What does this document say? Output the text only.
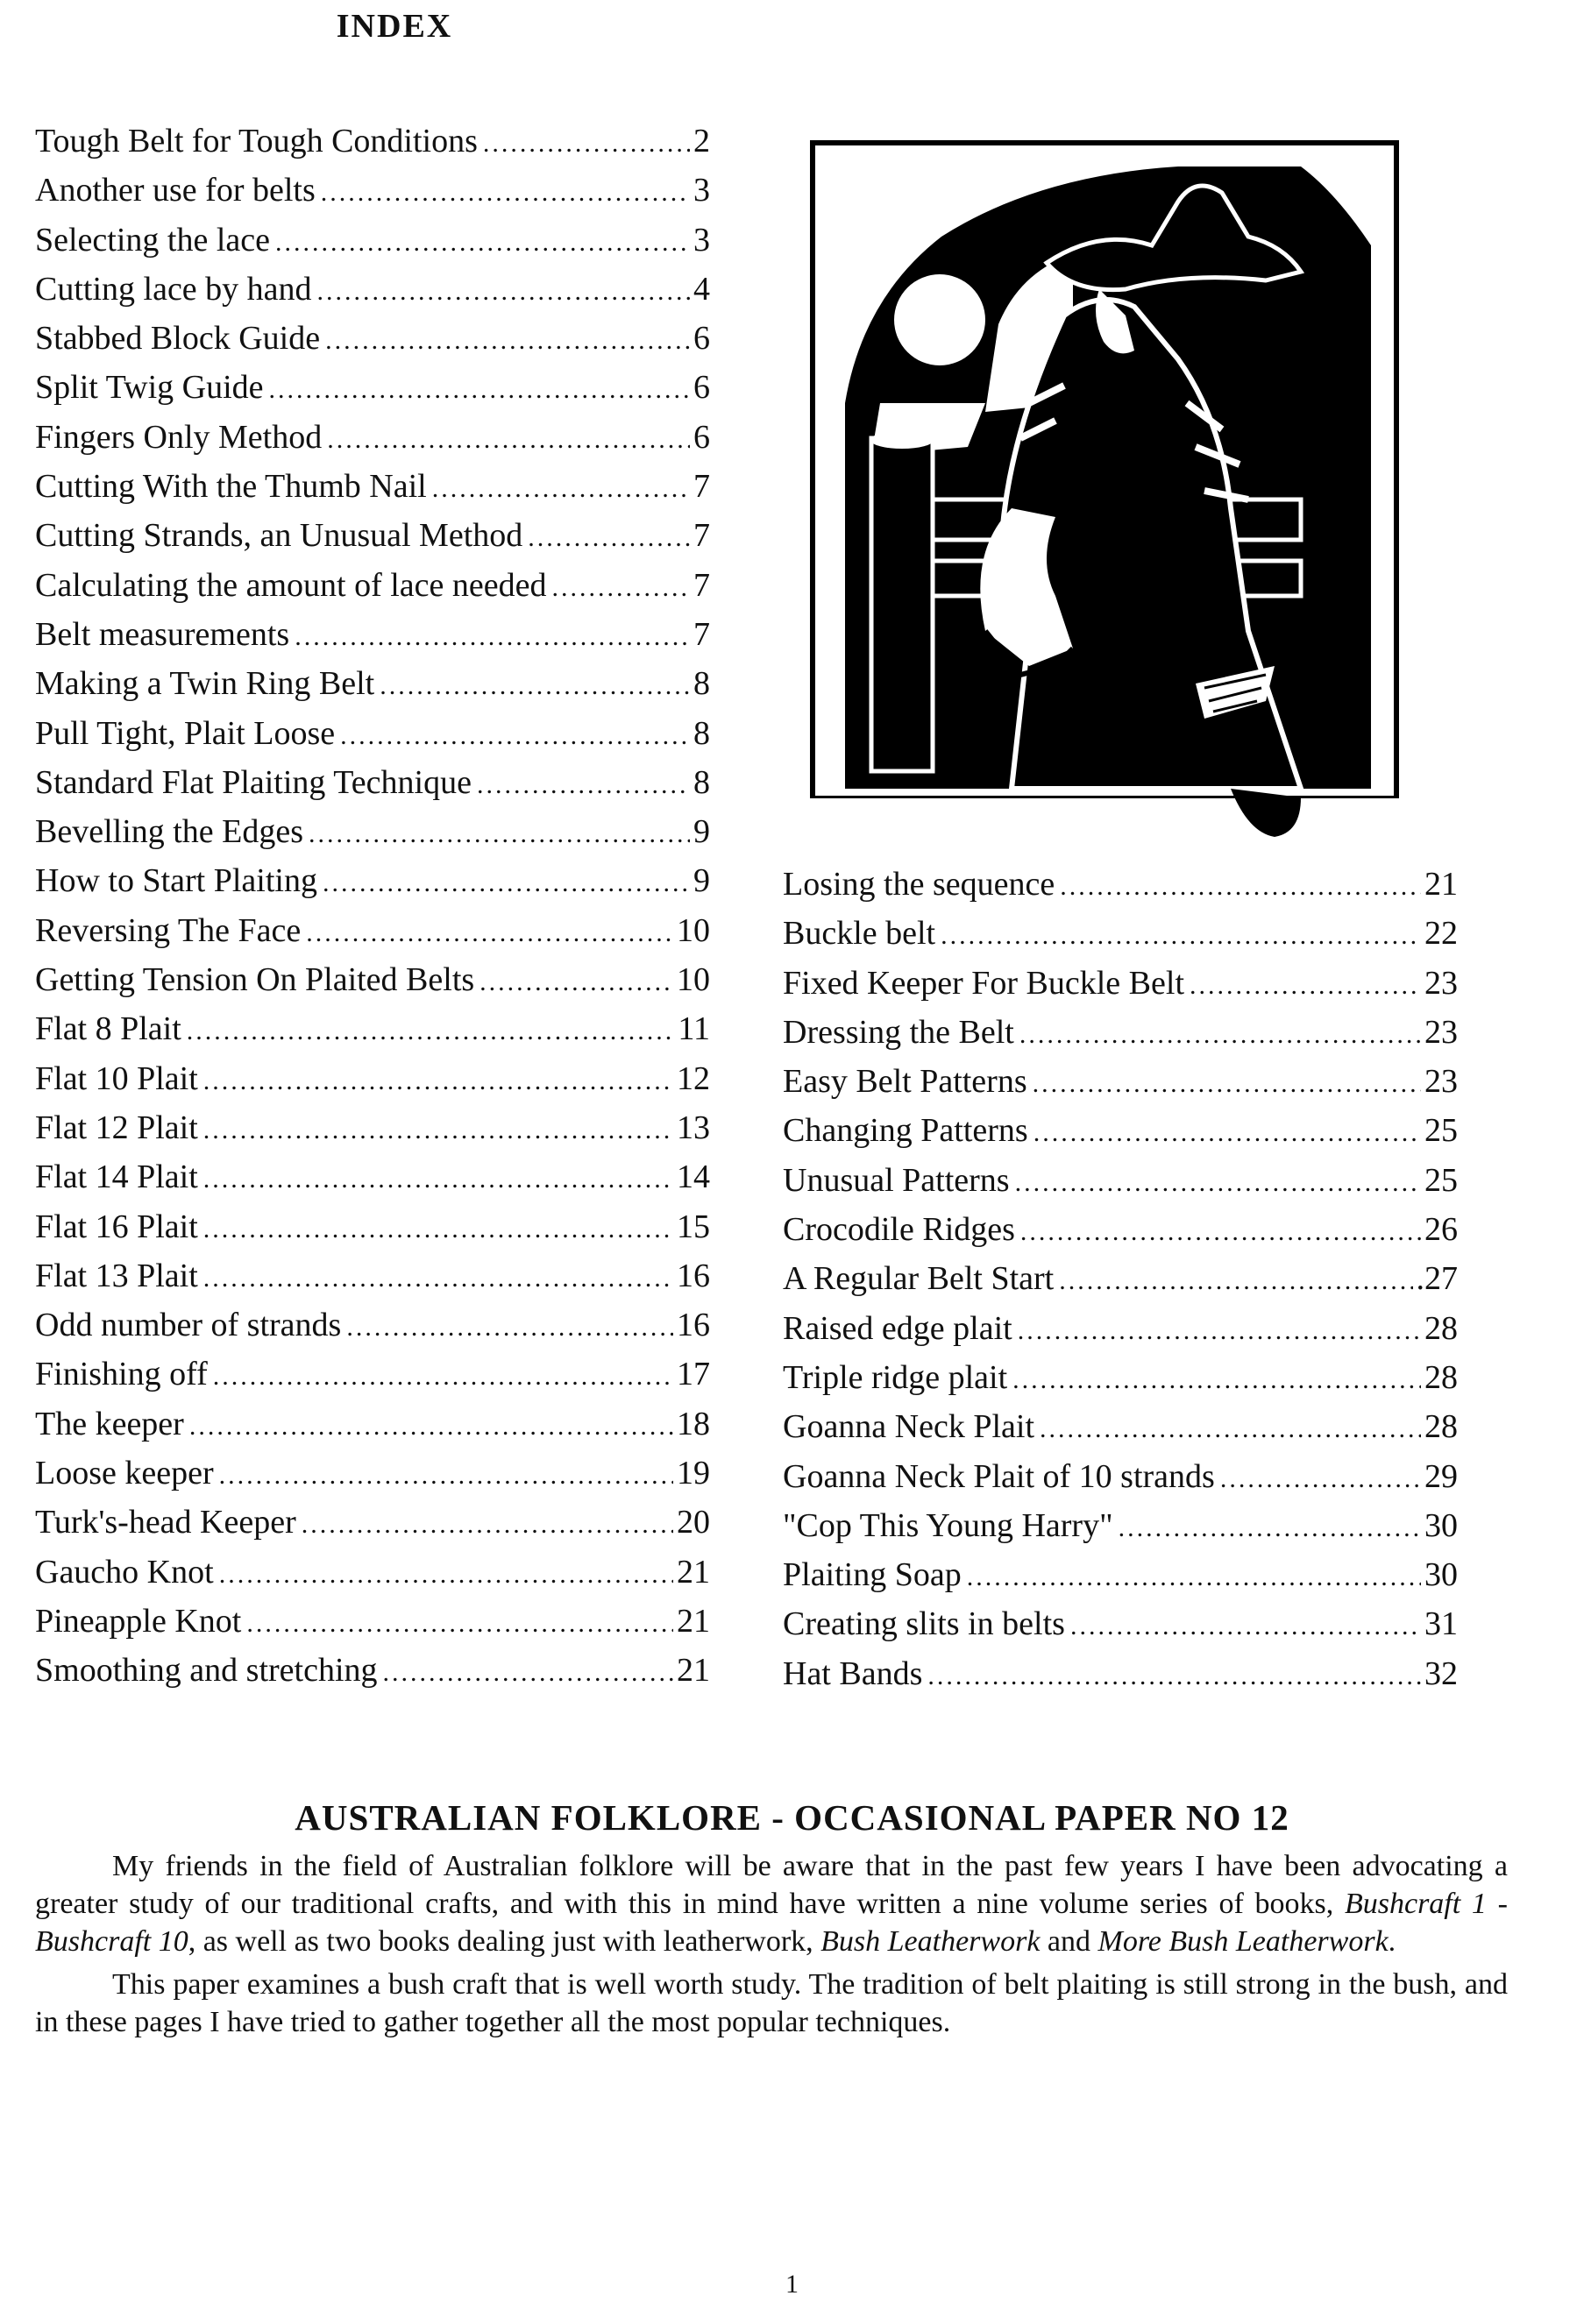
INDEX
Tough Belt for Tough Conditions .....	2
Another use for belts .....	3
Selecting the lace .....	3
Cutting lace by hand .....	4
Stabbed Block Guide .....	6
Split Twig Guide .....	6
Fingers Only Method .....	6
Cutting With the Thumb Nail .....	7
Cutting Strands, an Unusual Method .....	7
Calculating the amount of lace needed .....	7
Belt measurements .....	7
Making a Twin Ring Belt .....	8
Pull Tight, Plait Loose .....	8
Standard Flat Plaiting Technique .....	8
Bevelling the Edges .....	9
How to Start Plaiting .....	9
Reversing The Face .....	10
Getting Tension On Plaited Belts .....	10
Flat 8 Plait .....	11
Flat 10 Plait .....	12
Flat 12 Plait .....	13
Flat 14 Plait .....	14
Flat 16 Plait .....	15
Flat 13 Plait .....	16
Odd number of strands .....	16
Finishing off .....	17
The keeper .....	18
Loose keeper .....	19
Turk's-head Keeper .....	20
Gaucho Knot .....	21
Pineapple Knot .....	21
Smoothing and stretching .....	21
Losing the sequence .....	21
Buckle belt .....	22
Fixed Keeper For Buckle Belt .....	23
Dressing the Belt .....	23
Easy Belt Patterns .....	23
Changing Patterns .....	25
Unusual Patterns .....	25
Crocodile Ridges .....	26
A Regular Belt Start .....	.27
Raised edge plait .....	28
Triple ridge plait .....	28
Goanna Neck Plait .....	28
Goanna Neck Plait of 10 strands .....	29
"Cop This Young Harry" .....	30
Plaiting Soap .....	30
Creating slits in belts .....	31
Hat Bands .....	32
AUSTRALIAN FOLKLORE - OCCASIONAL PAPER NO 12

My friends in the field of Australian folklore will be aware that in the past few years I have been advocating a greater study of our traditional crafts, and with this in mind have written a nine volume series of books, Bushcraft 1 - Bushcraft 10, as well as two books dealing just with leatherwork, Bush Leatherwork and More Bush Leatherwork.

This paper examines a bush craft that is well worth study. The tradition of belt plaiting is still strong in the bush, and in these pages I have tried to gather together all the most popular techniques.

1
